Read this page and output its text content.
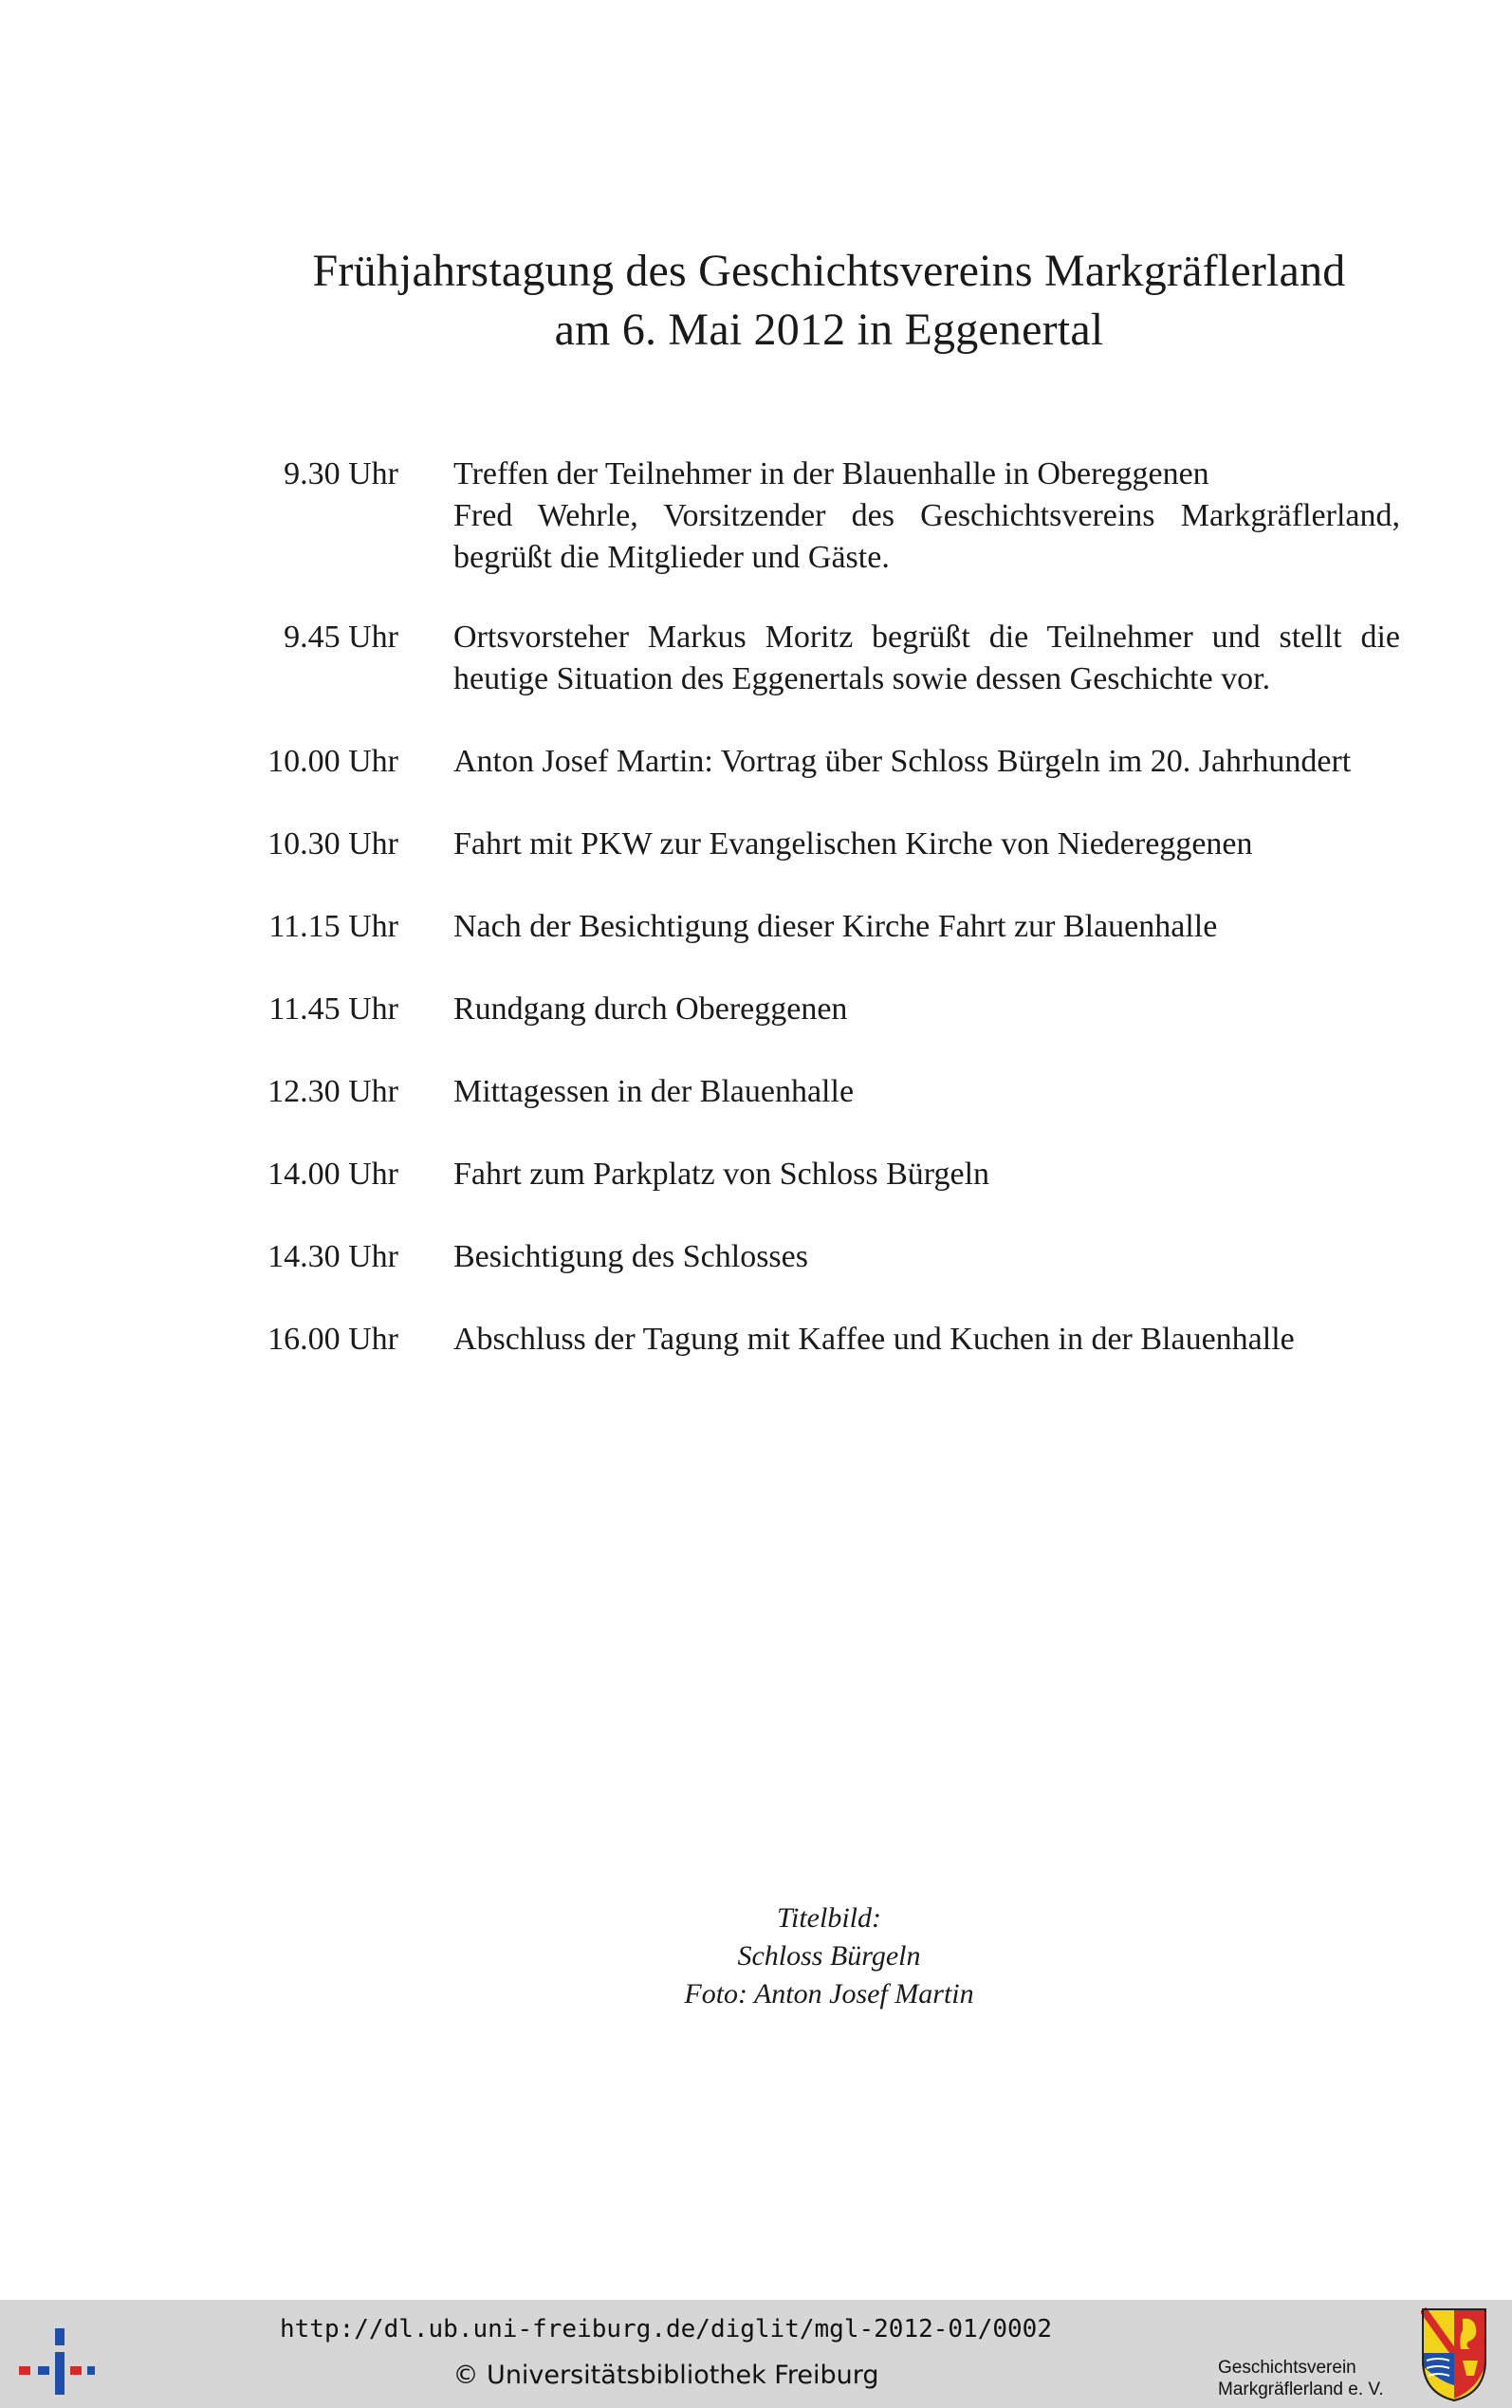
Frühjahrstagung des Geschichtsvereins Markgräflerland
am 6. Mai 2012 in Eggenertal
9.30 Uhr Treffen der Teilnehmer in der Blauenhalle in Obereggenen
Fred Wehrle, Vorsitzender des Geschichtsvereins Markgräflerland,
begrüßt die Mitglieder und Gäste.
9.45 Uhr Ortsvorsteher Markus Moritz begrüßt die Teilnehmer und stellt die
heutige Situation des Eggenertals sowie dessen Geschichte vor.
10.00 Uhr Anton Josef Martin: Vortrag über Schloss Bürgeln im 20. Jahrhundert
10.30 Uhr Fahrt mit PKW zur Evangelischen Kirche von Niedereggenen
11.15 Uhr Nach der Besichtigung dieser Kirche Fahrt zur Blauenhalle
11.45 Uhr Rundgang durch Obereggenen
12.30 Uhr Mittagessen in der Blauenhalle
14.00 Uhr Fahrt zum Parkplatz von Schloss Bürgeln
14.30 Uhr Besichtigung des Schlosses
16.00 Uhr Abschluss der Tagung mit Kaffee und Kuchen in der Blauenhalle
Titelbild:
Schloss Bürgeln
Foto: Anton Josef Martin
http://dl.ub.uni-freiburg.de/diglit/mgl-2012-01/0002
© Universitätsbibliothek Freiburg	Geschichtsverein
Markgräflerland e. V.
